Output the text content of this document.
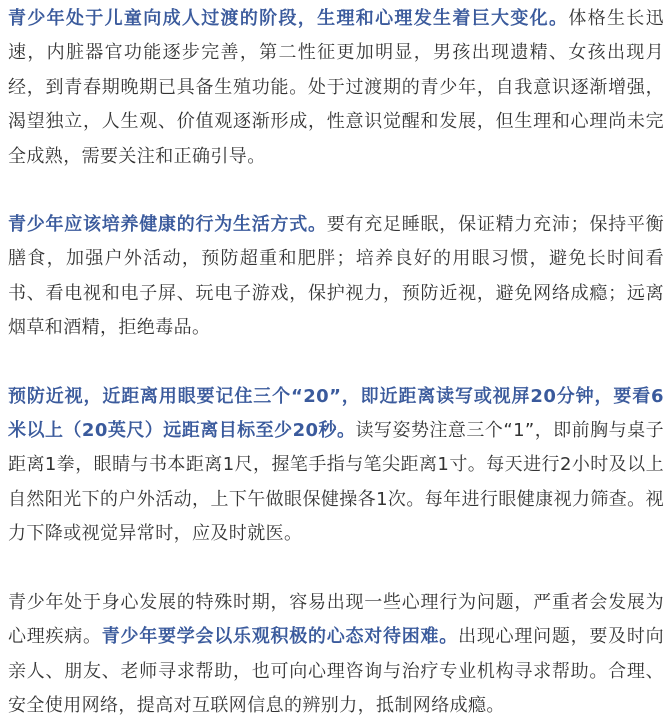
青少年处于儿童向成人过渡的阶段，生理和心理发生着巨大变化。体格生长迅速，内脏器官功能逐步完善，第二性征更加明显，男孩出现遗精、女孩出现月经，到青春期晚期已具备生殖功能。处于过渡期的青少年，自我意识逐渐增强，渴望独立，人生观、价值观逐渐形成，性意识觉醒和发展，但生理和心理尚未完全成熟，需要关注和正确引导。

青少年应该培养健康的行为生活方式。要有充足睡眠，保证精力充沛；保持平衡膳食，加强户外活动，预防超重和肥胖；培养良好的用眼习惯，避免长时间看书、看电视和电子屏、玩电子游戏，保护视力，预防近视，避免网络成瘾；远离烟草和酒精，拒绝毒品。

预防近视，近距离用眼要记住三个“20”，即近距离读写或视屏20分钟，要看6米以上（20英尺）远距离目标至少20秒。读写姿势注意三个“1”，即前胸与桌子距离1拳，眼睛与书本距离1尺，握笔手指与笔尖距离1寸。每天进行2小时及以上自然阳光下的户外活动，上下午做眼保健操各1次。每年进行眼健康视力筛查。视力下降或视觉异常时，应及时就医。

青少年处于身心发展的特殊时期，容易出现一些心理行为问题，严重者会发展为心理疾病。青少年要学会以乐观积极的心态对待困难。出现心理问题，要及时向亲人、朋友、老师寻求帮助，也可向心理咨询与治疗专业机构寻求帮助。合理、安全使用网络，提高对互联网信息的辨别力，抵制网络成瘾。
